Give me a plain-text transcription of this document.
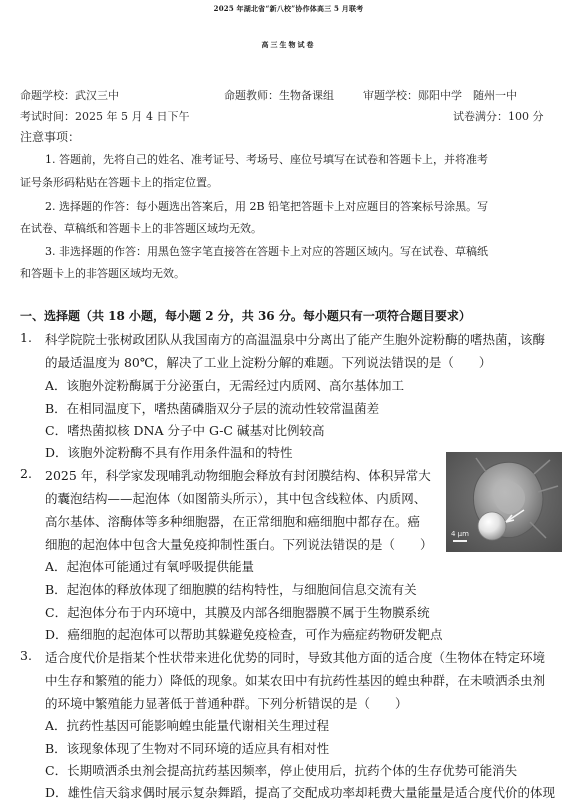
2025 年湖北省“新八校”协作体高三 5 月联考
高三生物试卷
命题学校：武汉三中	命题教师：生物备课组	审题学校：郧阳中学　随州一中
考试时间：2025 年 5 月 4 日下午	试卷满分：100 分
注意事项：
1. 答题前，先将自己的姓名、准考证号、考场号、座位号填写在试卷和答题卡上，并将准考
证号条形码粘贴在答题卡上的指定位置。
2. 选择题的作答：每小题选出答案后，用 2B 铅笔把答题卡上对应题目的答案标号涂黑。写
在试卷、草稿纸和答题卡上的非答题区域均无效。
3. 非选择题的作答：用黑色签字笔直接答在答题卡上对应的答题区域内。写在试卷、草稿纸
和答题卡上的非答题区域均无效。
一、选择题（共 18 小题，每小题 2 分，共 36 分。每小题只有一项符合题目要求）
1. 科学院院士张树政团队从我国南方的高温温泉中分离出了能产生胞外淀粉酶的嗜热菌，该酶
的最适温度为 80℃，解决了工业上淀粉分解的难题。下列说法错误的是（　　）
A．该胞外淀粉酶属于分泌蛋白，无需经过内质网、高尔基体加工
B．在相同温度下，嗜热菌磷脂双分子层的流动性较常温菌差
C．嗜热菌拟核 DNA 分子中 G-C 碱基对比例较高
D．该胞外淀粉酶不具有作用条件温和的特性
2. 2025 年，科学家发现哺乳动物细胞会释放有封闭膜结构、体积异常大
的囊泡结构——起泡体（如图箭头所示），其中包含线粒体、内质网、
高尔基体、溶酶体等多种细胞器，在正常细胞和癌细胞中都存在。癌
细胞的起泡体中包含大量免疫抑制性蛋白。下列说法错误的是（　　）
A．起泡体可能通过有氧呼吸提供能量
B．起泡体的释放体现了细胞膜的结构特性，与细胞间信息交流有关
C．起泡体分布于内环境中，其膜及内部各细胞器膜不属于生物膜系统
D．癌细胞的起泡体可以帮助其躲避免疫检查，可作为癌症药物研发靶点
4 μm
3. 适合度代价是指某个性状带来进化优势的同时，导致其他方面的适合度（生物体在特定环境
中生存和繁殖的能力）降低的现象。如某农田中有抗药性基因的蝗虫种群，在未喷洒杀虫剂
的环境中繁殖能力显著低于普通种群。下列分析错误的是（　　）
A．抗药性基因可能影响蝗虫能量代谢相关生理过程
B．该现象体现了生物对不同环境的适应具有相对性
C．长期喷洒杀虫剂会提高抗药基因频率，停止使用后，抗药个体的生存优势可能消失
D．雄性信天翁求偶时展示复杂舞蹈，提高了交配成功率却耗费大量能量是适合度代价的体现
